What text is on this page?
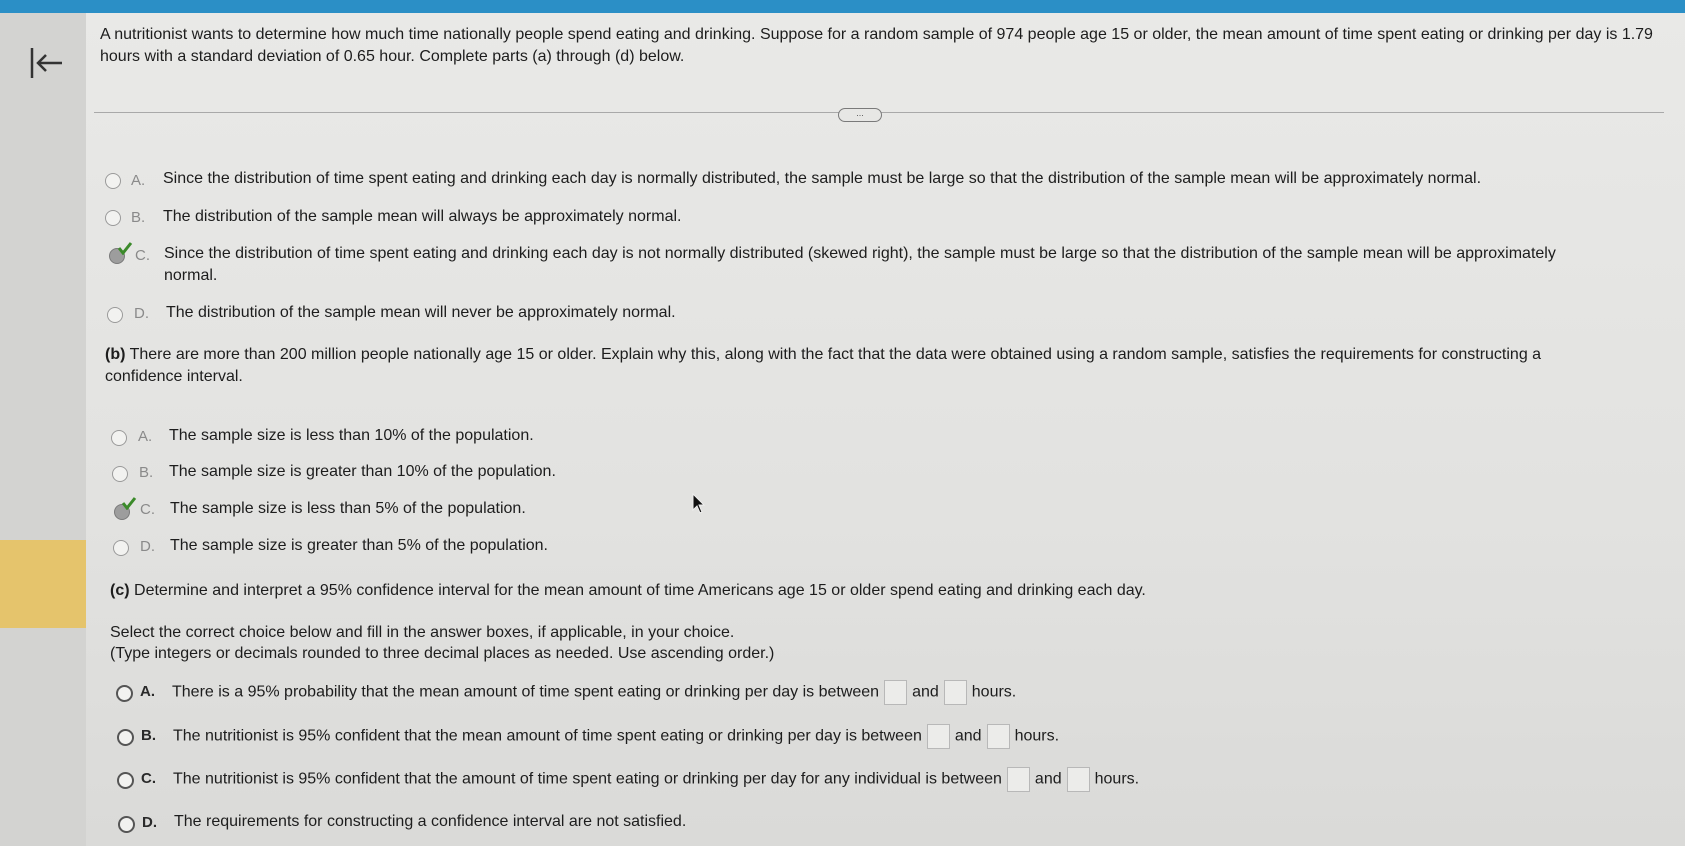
A nutritionist wants to determine how much time nationally people spend eating and drinking. Suppose for a random sample of 974 people age 15 or older, the mean amount of time spent eating or drinking per day is 1.79 hours with a standard deviation of 0.65 hour. Complete parts (a) through (d) below.
...
A. Since the distribution of time spent eating and drinking each day is normally distributed, the sample must be large so that the distribution of the sample mean will be approximately normal.
B. The distribution of the sample mean will always be approximately normal.
C. Since the distribution of time spent eating and drinking each day is not normally distributed (skewed right), the sample must be large so that the distribution of the sample mean will be approximately normal.
D. The distribution of the sample mean will never be approximately normal.
(b) There are more than 200 million people nationally age 15 or older. Explain why this, along with the fact that the data were obtained using a random sample, satisfies the requirements for constructing a confidence interval.
A. The sample size is less than 10% of the population.
B. The sample size is greater than 10% of the population.
C. The sample size is less than 5% of the population.
D. The sample size is greater than 5% of the population.
(c) Determine and interpret a 95% confidence interval for the mean amount of time Americans age 15 or older spend eating and drinking each day.
Select the correct choice below and fill in the answer boxes, if applicable, in your choice.
(Type integers or decimals rounded to three decimal places as needed. Use ascending order.)
A. There is a 95% probability that the mean amount of time spent eating or drinking per day is between and hours.
B. The nutritionist is 95% confident that the mean amount of time spent eating or drinking per day is between and hours.
C. The nutritionist is 95% confident that the amount of time spent eating or drinking per day for any individual is between and hours.
D. The requirements for constructing a confidence interval are not satisfied.
